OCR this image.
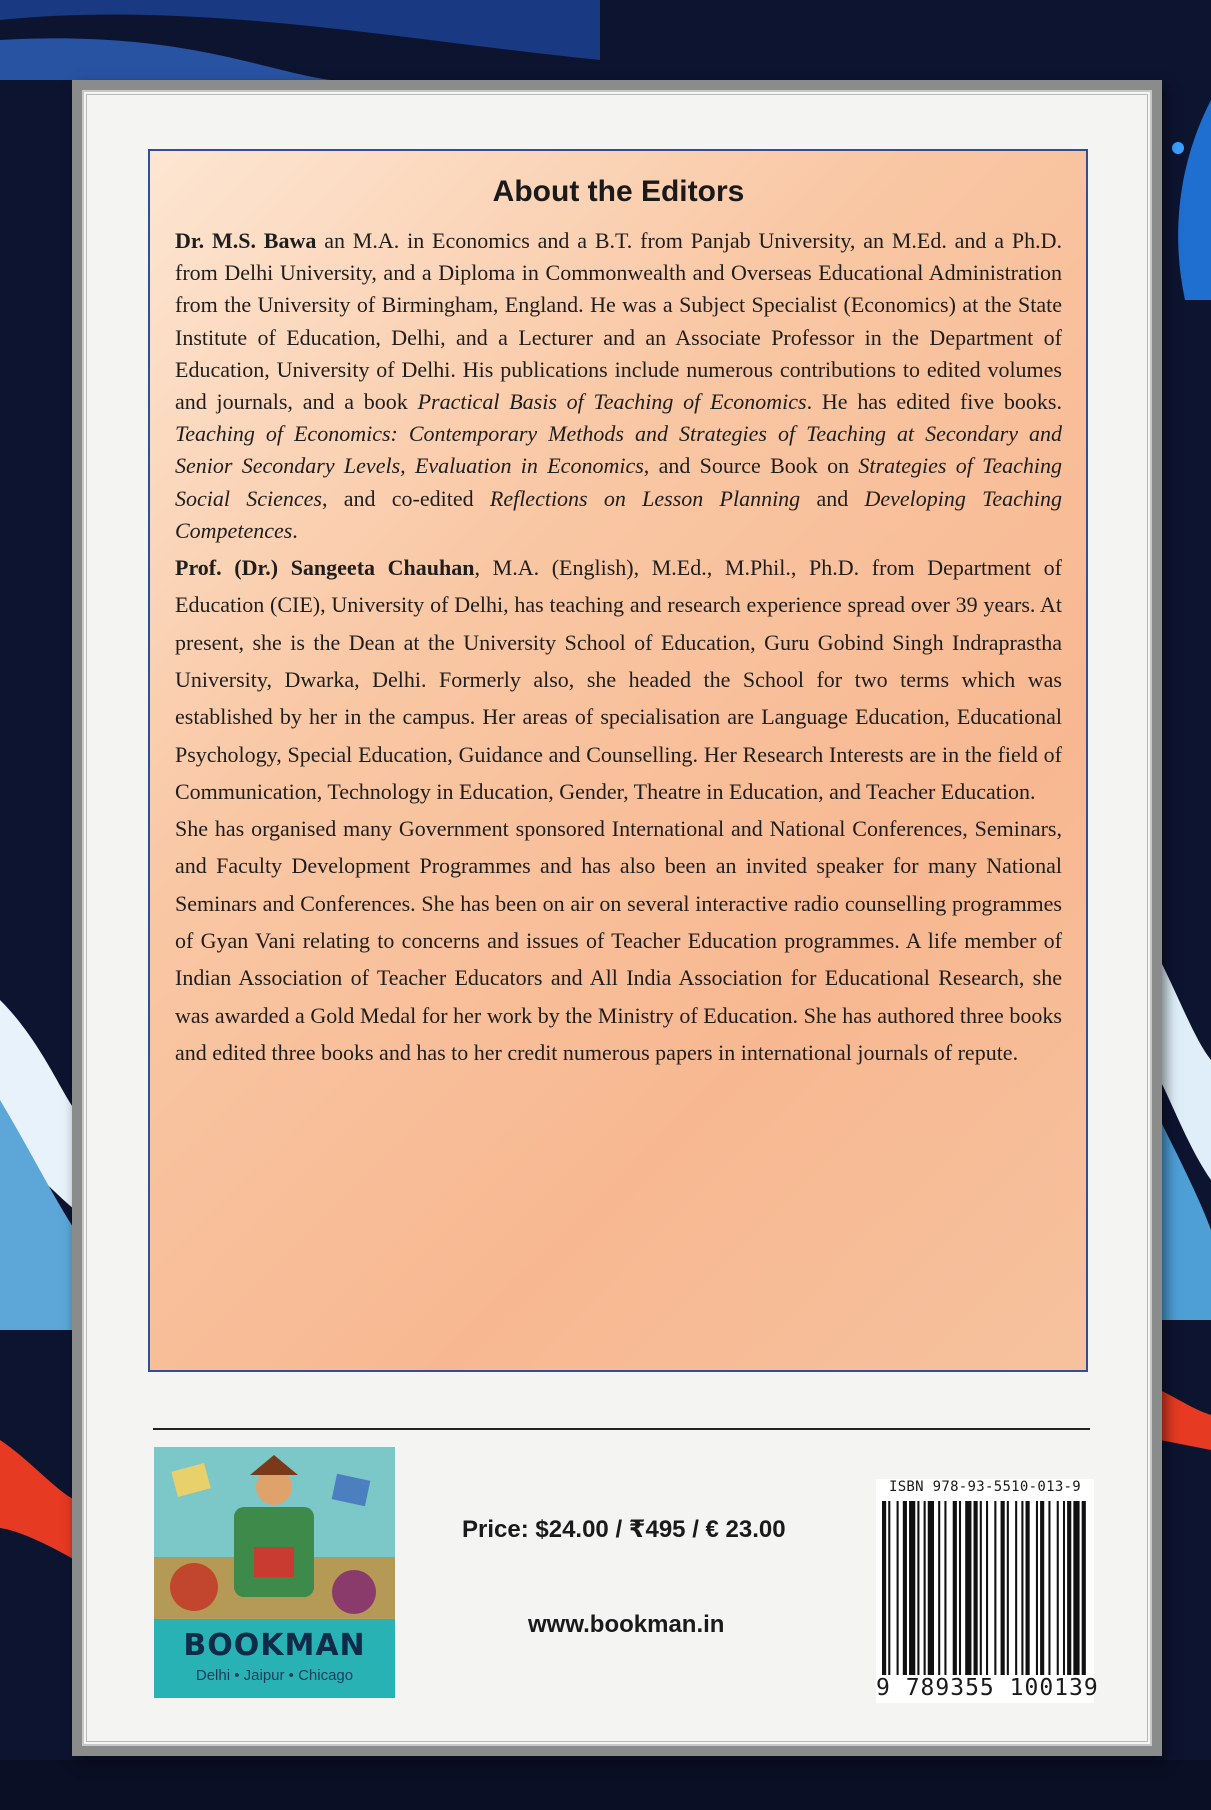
About the Editors

Dr. M.S. Bawa an M.A. in Economics and a B.T. from Panjab University, an M.Ed. and a Ph.D. from Delhi University, and a Diploma in Commonwealth and Overseas Educational Administration from the University of Birmingham, England. He was a Subject Specialist (Economics) at the State Institute of Education, Delhi, and a Lecturer and an Associate Professor in the Department of Education, University of Delhi. His publications include numerous contributions to edited volumes and journals, and a book Practical Basis of Teaching of Economics. He has edited five books. Teaching of Economics: Contemporary Methods and Strategies of Teaching at Secondary and Senior Secondary Levels, Evaluation in Economics, and Source Book on Strategies of Teaching Social Sciences, and co-edited Reflections on Lesson Planning and Developing Teaching Competences.

Prof. (Dr.) Sangeeta Chauhan, M.A. (English), M.Ed., M.Phil., Ph.D. from Department of Education (CIE), University of Delhi, has teaching and research experience spread over 39 years. At present, she is the Dean at the University School of Education, Guru Gobind Singh Indraprastha University, Dwarka, Delhi. Formerly also, she headed the School for two terms which was established by her in the campus. Her areas of specialisation are Language Education, Educational Psychology, Special Education, Guidance and Counselling. Her Research Interests are in the field of Communication, Technology in Education, Gender, Theatre in Education, and Teacher Education.

She has organised many Government sponsored International and National Conferences, Seminars, and Faculty Development Programmes and has also been an invited speaker for many National Seminars and Conferences. She has been on air on several interactive radio counselling programmes of Gyan Vani relating to concerns and issues of Teacher Education programmes. A life member of Indian Association of Teacher Educators and All India Association for Educational Research, she was awarded a Gold Medal for her work by the Ministry of Education. She has authored three books and edited three books and has to her credit numerous papers in international journals of repute.

BOOKMAN
Delhi • Jaipur • Chicago
Price: $24.00 / ₹495 / € 23.00
www.bookman.in
ISBN 978-93-5510-013-9
9 789355 100139
